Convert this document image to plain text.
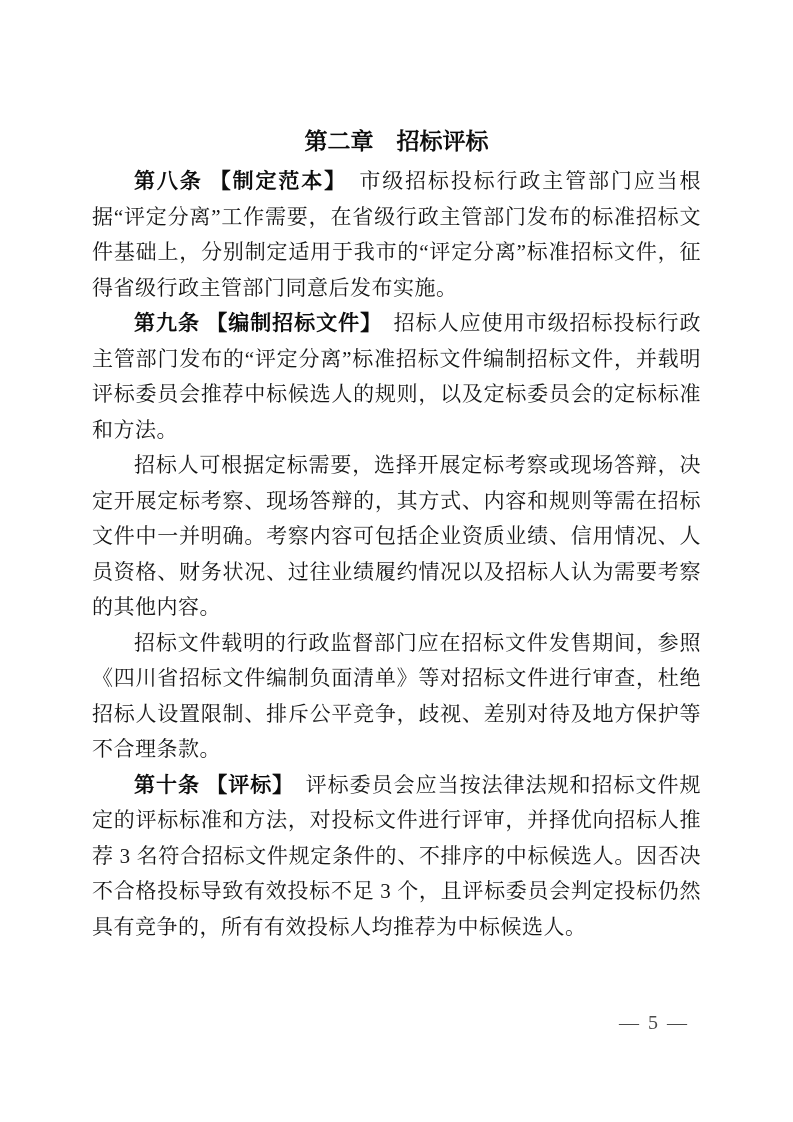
第二章　招标评标

第八条 【制定范本】　市级招标投标行政主管部门应当根据“评定分离”工作需要，在省级行政主管部门发布的标准招标文件基础上，分别制定适用于我市的“评定分离”标准招标文件，征得省级行政主管部门同意后发布实施。

第九条 【编制招标文件】　招标人应使用市级招标投标行政主管部门发布的“评定分离”标准招标文件编制招标文件，并载明评标委员会推荐中标候选人的规则，以及定标委员会的定标标准和方法。

招标人可根据定标需要，选择开展定标考察或现场答辩，决定开展定标考察、现场答辩的，其方式、内容和规则等需在招标文件中一并明确。考察内容可包括企业资质业绩、信用情况、人员资格、财务状况、过往业绩履约情况以及招标人认为需要考察的其他内容。

招标文件载明的行政监督部门应在招标文件发售期间，参照《四川省招标文件编制负面清单》等对招标文件进行审查，杜绝招标人设置限制、排斥公平竞争，歧视、差别对待及地方保护等不合理条款。

第十条 【评标】　评标委员会应当按法律法规和招标文件规定的评标标准和方法，对投标文件进行评审，并择优向招标人推荐 3 名符合招标文件规定条件的、不排序的中标候选人。因否决不合格投标导致有效投标不足 3 个，且评标委员会判定投标仍然具有竞争的，所有有效投标人均推荐为中标候选人。

— 5 —
